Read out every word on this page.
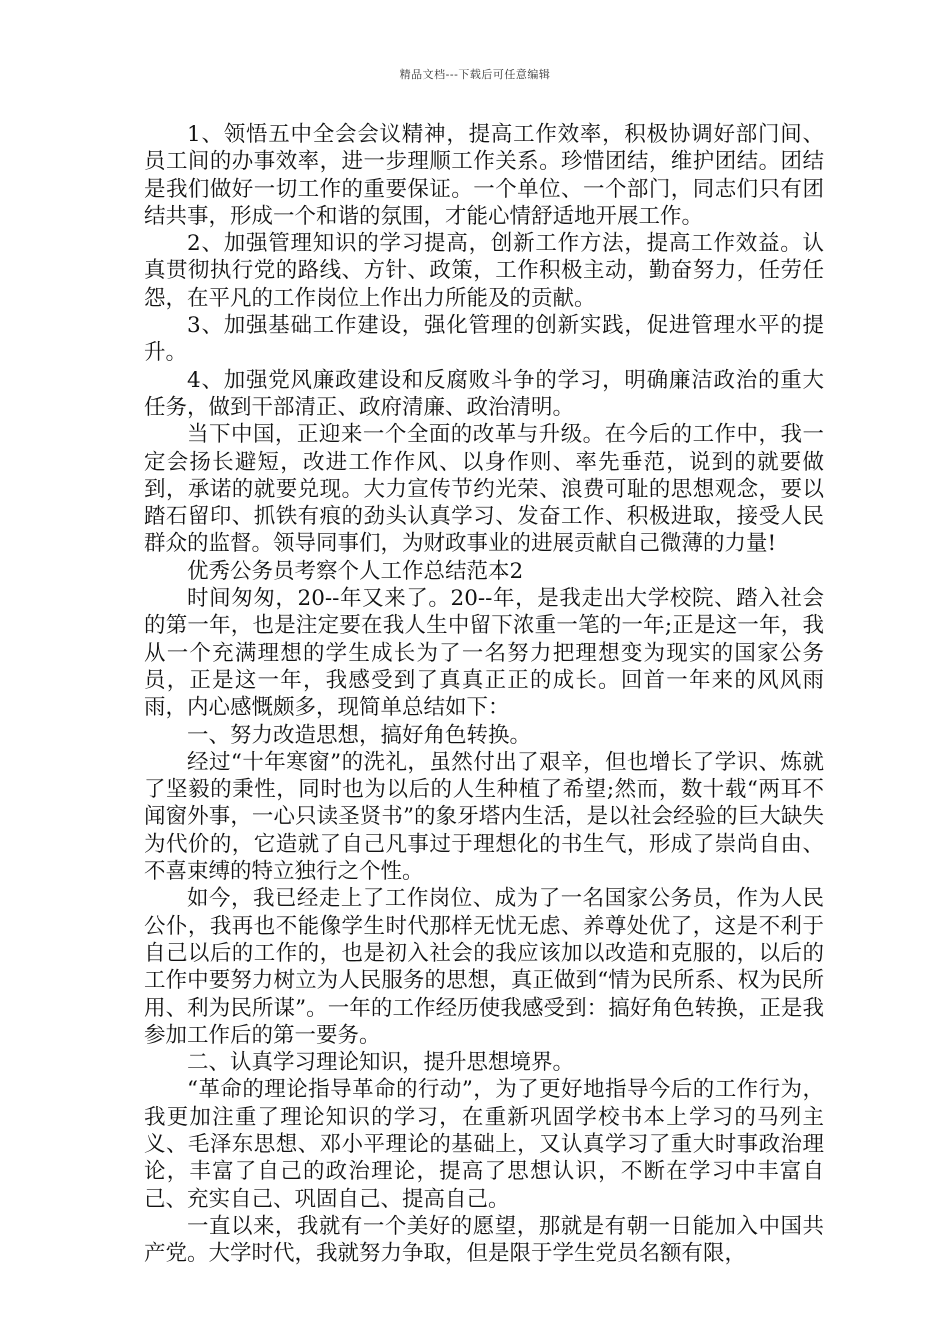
精品文档---下载后可任意编辑

1、领悟五中全会会议精神，提高工作效率，积极协调好部门间、员工间的办事效率，进一步理顺工作关系。珍惜团结，维护团结。团结是我们做好一切工作的重要保证。一个单位、一个部门，同志们只有团结共事，形成一个和谐的氛围，才能心情舒适地开展工作。

2、加强管理知识的学习提高，创新工作方法，提高工作效益。认真贯彻执行党的路线、方针、政策，工作积极主动，勤奋努力，任劳任怨，在平凡的工作岗位上作出力所能及的贡献。

3、加强基础工作建设，强化管理的创新实践，促进管理水平的提升。

4、加强党风廉政建设和反腐败斗争的学习，明确廉洁政治的重大任务，做到干部清正、政府清廉、政治清明。

当下中国，正迎来一个全面的改革与升级。在今后的工作中，我一定会扬长避短，改进工作作风、以身作则、率先垂范，说到的就要做到，承诺的就要兑现。大力宣传节约光荣、浪费可耻的思想观念，要以踏石留印、抓铁有痕的劲头认真学习、发奋工作、积极进取，接受人民群众的监督。领导同事们，为财政事业的进展贡献自己微薄的力量!

优秀公务员考察个人工作总结范本2

时间匆匆，20--年又来了。20--年，是我走出大学校院、踏入社会的第一年，也是注定要在我人生中留下浓重一笔的一年;正是这一年，我从一个充满理想的学生成长为了一名努力把理想变为现实的国家公务员，正是这一年，我感受到了真真正正的成长。回首一年来的风风雨雨，内心感慨颇多，现简单总结如下：

一、努力改造思想，搞好角色转换。

经过“十年寒窗”的洗礼，虽然付出了艰辛，但也增长了学识、炼就了坚毅的秉性，同时也为以后的人生种植了希望;然而，数十载“两耳不闻窗外事，一心只读圣贤书”的象牙塔内生活，是以社会经验的巨大缺失为代价的，它造就了自己凡事过于理想化的书生气，形成了崇尚自由、不喜束缚的特立独行之个性。

如今，我已经走上了工作岗位、成为了一名国家公务员，作为人民公仆，我再也不能像学生时代那样无忧无虑、养尊处优了，这是不利于自己以后的工作的，也是初入社会的我应该加以改造和克服的，以后的工作中要努力树立为人民服务的思想，真正做到“情为民所系、权为民所用、利为民所谋”。一年的工作经历使我感受到：搞好角色转换，正是我参加工作后的第一要务。

二、认真学习理论知识，提升思想境界。

“革命的理论指导革命的行动”，为了更好地指导今后的工作行为，我更加注重了理论知识的学习，在重新巩固学校书本上学习的马列主义、毛泽东思想、邓小平理论的基础上，又认真学习了重大时事政治理论，丰富了自己的政治理论，提高了思想认识，不断在学习中丰富自己、充实自己、巩固自己、提高自己。

一直以来，我就有一个美好的愿望，那就是有朝一日能加入中国共产党。大学时代，我就努力争取，但是限于学生党员名额有限，
